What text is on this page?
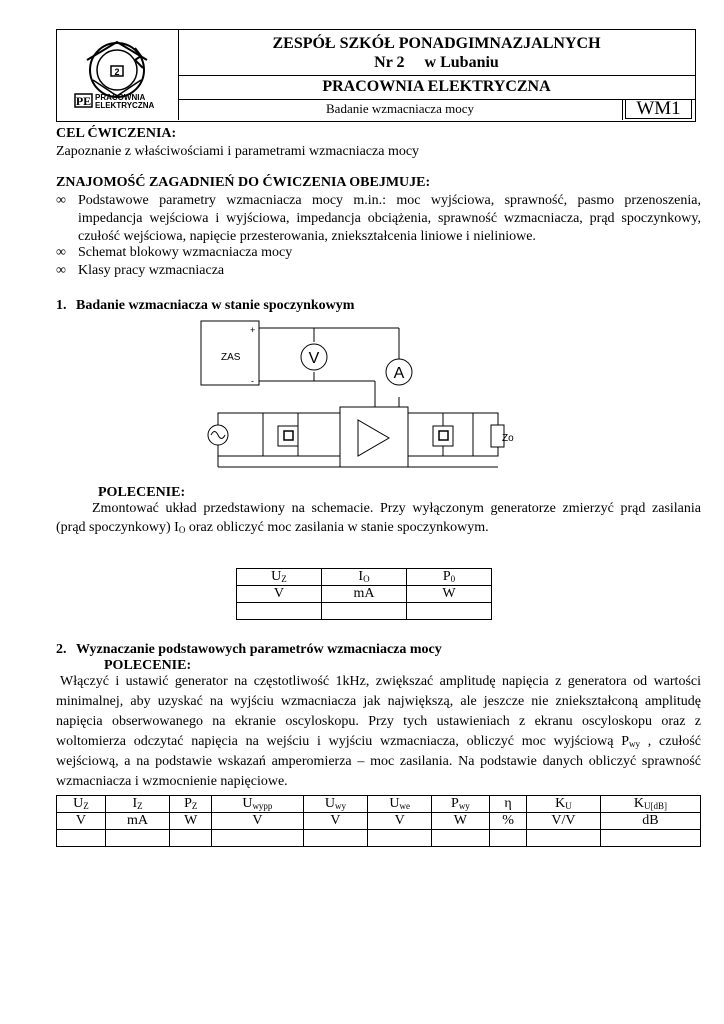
2
PE PRACOWNIA
ELEKTRYCZNA
ZESPÓŁ SZKÓŁ PONADGIMNAZJALNYCH
Nr 2     w Lubaniu
PRACOWNIA ELEKTRYCZNA
Badanie wzmacniacza mocy	WM1
CEL ĆWICZENIA:
Zapoznanie z właściwościami i parametrami wzmacniacza mocy
ZNAJOMOŚĆ ZAGADNIEŃ DO ĆWICZENIA OBEJMUJE:
∞ Podstawowe parametry wzmacniacza mocy m.in.: moc wyjściowa, sprawność, pasmo przenoszenia, impedancja wejściowa i wyjściowa, impedancja obciążenia, sprawność wzmacniacza, prąd spoczynkowy, czułość wejściowa, napięcie przesterowania, zniekształcenia liniowe i nieliniowe.
∞ Schemat blokowy wzmacniacza mocy
∞ Klasy pracy wzmacniacza
1. Badanie wzmacniacza w stanie spoczynkowym
ZAS
+
-
V
A
Zo
POLECENIE:
Zmontować układ przedstawiony na schemacie. Przy wyłączonym generatorze zmierzyć prąd zasilania (prąd spoczynkowy) $I_O$ oraz obliczyć moc zasilania w stanie spoczynkowym.
$U_Z$	$I_O$	$P_0$
V	mA	W

2. Wyznaczanie podstawowych parametrów wzmacniacza mocy
POLECENIE:
Włączyć i ustawić generator na częstotliwość 1kHz, zwiększać amplitudę napięcia z generatora od wartości minimalnej, aby uzyskać na wyjściu wzmacniacza jak największą, ale jeszcze nie zniekształconą amplitudę napięcia obserwowanego na ekranie oscyloskopu. Przy tych ustawieniach z ekranu oscyloskopu oraz z woltomierza odczytać napięcia na wejściu i wyjściu wzmacniacza, obliczyć moc wyjściową $P_{wy}$ , czułość wejściową, a na podstawie wskazań amperomierza – moc zasilania. Na podstawie danych obliczyć sprawność wzmacniacza i wzmocnienie napięciowe.
$U_Z$	$I_Z$	$P_Z$	$U_{wypp}$	$U_{wy}$	$U_{we}$	$P_{wy}$	η	$K_U$	$K_{U[dB]}$
V	mA	W	V	V	V	W	%	V/V	dB
